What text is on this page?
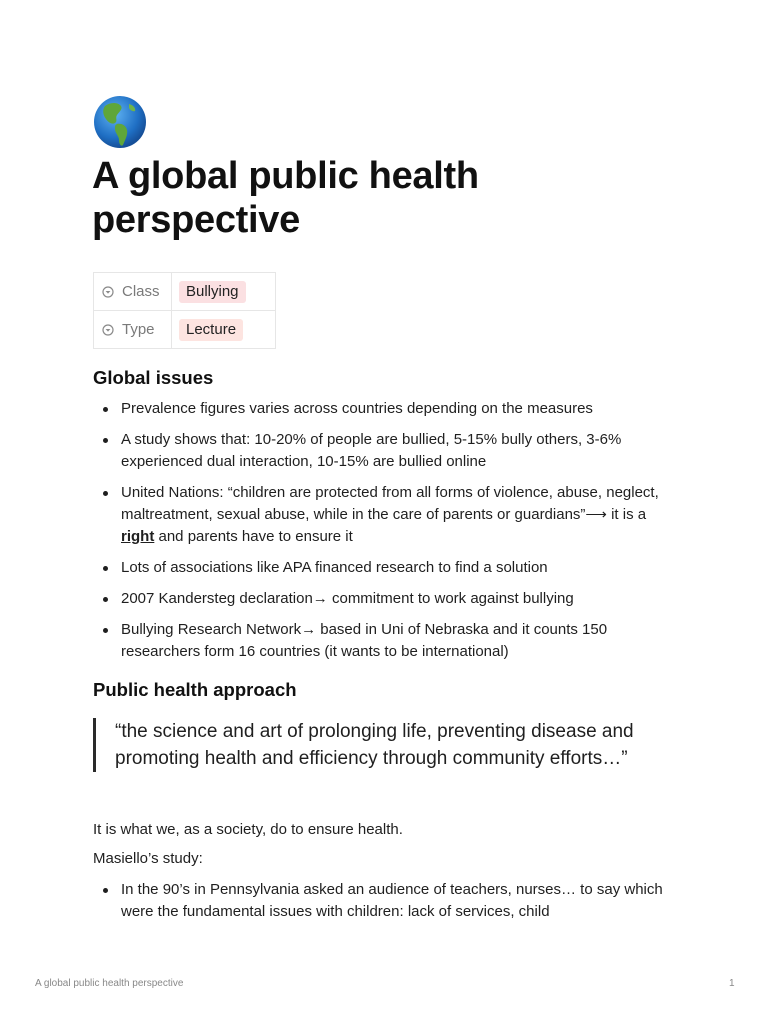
A global public health perspective
Class	Bullying

Type	Lecture
Global issues
Prevalence figures varies across countries depending on the measures
A study shows that: 10-20% of people are bullied, 5-15% bully others, 3-6% experienced dual interaction, 10-15% are bullied online
United Nations: “children are protected from all forms of violence, abuse, neglect, maltreatment, sexual abuse, while in the care of parents or guardians”⟶ it is a right and parents have to ensure it
Lots of associations like APA financed research to find a solution
2007 Kandersteg declaration→ commitment to work against bullying
Bullying Research Network→ based in Uni of Nebraska and it counts 150 researchers form 16 countries (it wants to be international)
Public health approach
“the science and art of prolonging life, preventing disease and promoting health and efficiency through community efforts…”

It is what we, as a society, do to ensure health.

Masiello’s study:

In the 90’s in Pennsylvania asked an audience of teachers, nurses… to say which were the fundamental issues with children: lack of services, child
A global public health perspective	1
